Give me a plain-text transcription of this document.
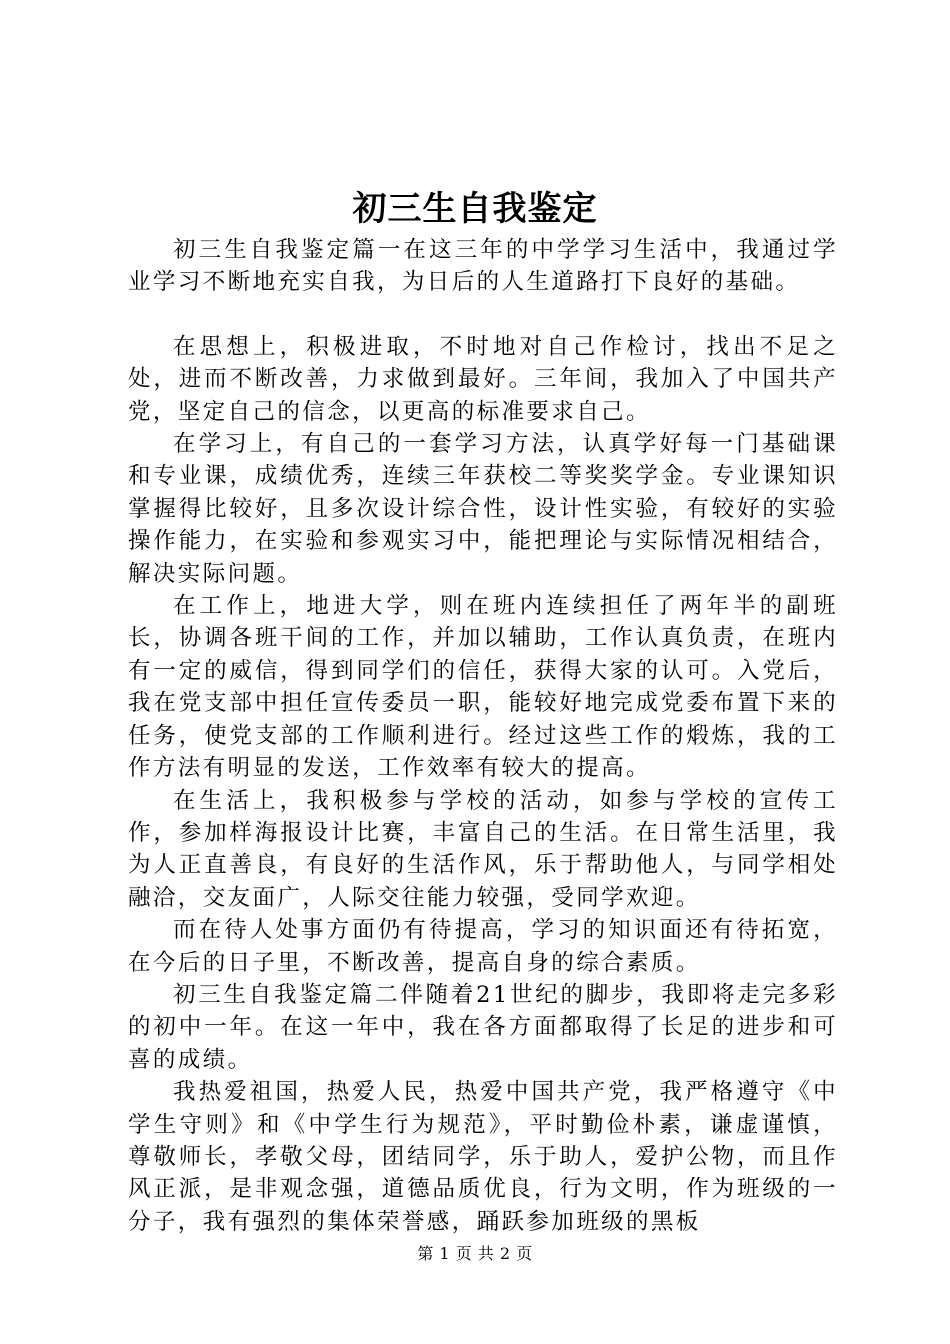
初三生自我鉴定

初三生自我鉴定篇一在这三年的中学学习生活中，我通过学业学习不断地充实自我，为日后的人生道路打下良好的基础。

在思想上，积极进取，不时地对自己作检讨，找出不足之处，进而不断改善，力求做到最好。三年间，我加入了中国共产党，坚定自己的信念，以更高的标准要求自己。

在学习上，有自己的一套学习方法，认真学好每一门基础课和专业课，成绩优秀，连续三年获校二等奖奖学金。专业课知识掌握得比较好，且多次设计综合性，设计性实验，有较好的实验操作能力，在实验和参观实习中，能把理论与实际情况相结合，解决实际问题。

在工作上，地进大学，则在班内连续担任了两年半的副班长，协调各班干间的工作，并加以辅助，工作认真负责，在班内有一定的威信，得到同学们的信任，获得大家的认可。入党后，我在党支部中担任宣传委员一职，能较好地完成党委布置下来的任务，使党支部的工作顺利进行。经过这些工作的煅炼，我的工作方法有明显的发送，工作效率有较大的提高。

在生活上，我积极参与学校的活动，如参与学校的宣传工作，参加样海报设计比赛，丰富自己的生活。在日常生活里，我为人正直善良，有良好的生活作风，乐于帮助他人，与同学相处融洽，交友面广，人际交往能力较强，受同学欢迎。

而在待人处事方面仍有待提高，学习的知识面还有待拓宽，在今后的日子里，不断改善，提高自身的综合素质。

初三生自我鉴定篇二伴随着21世纪的脚步，我即将走完多彩的初中一年。在这一年中，我在各方面都取得了长足的进步和可喜的成绩。

我热爱祖国，热爱人民，热爱中国共产党，我严格遵守《中学生守则》和《中学生行为规范》，平时勤俭朴素，谦虚谨慎，尊敬师长，孝敬父母，团结同学，乐于助人，爱护公物，而且作风正派，是非观念强，道德品质优良，行为文明，作为班级的一分子，我有强烈的集体荣誉感，踊跃参加班级的黑板

第 1 页 共 2 页
